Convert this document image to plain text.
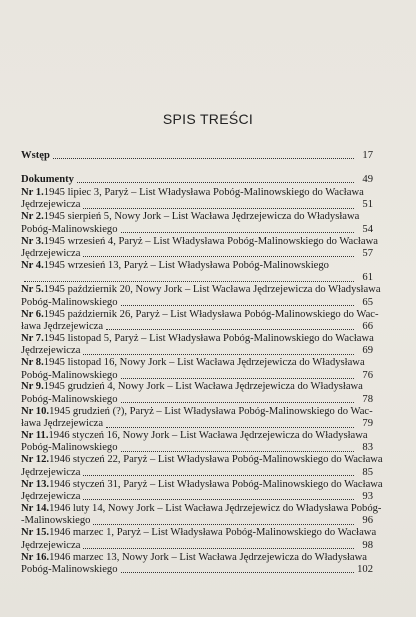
SPIS TREŚCI
Wstęp	17
Dokumenty	49
Nr 1. 1945 lipiec 3, Paryż – List Władysława Pobóg-Malinowskiego do Wacława
Jędrzejewicza	51
Nr 2. 1945 sierpień 5, Nowy Jork – List Wacława Jędrzejewicza do Władysława
Pobóg-Malinowskiego	54
Nr 3. 1945 wrzesień 4, Paryż – List Władysława Pobóg-Malinowskiego do Wacława
Jędrzejewicza	57
Nr 4. 1945 wrzesień 13, Paryż – List Władysława Pobóg-Malinowskiego
61
Nr 5. 1945 październik 20, Nowy Jork – List Wacława Jędrzejewicza do Władysława
Pobóg-Malinowskiego	65
Nr 6. 1945 październik 26, Paryż – List Władysława Pobóg-Malinowskiego do Wac-
ława Jędrzejewicza	66
Nr 7. 1945 listopad 5, Paryż – List Władysława Pobóg-Malinowskiego do Wacława
Jędrzejewicza	69
Nr 8. 1945 listopad 16, Nowy Jork – List Wacława Jędrzejewicza do Władysława
Pobóg-Malinowskiego	76
Nr 9. 1945 grudzień 4, Nowy Jork – List Wacława Jędrzejewicza do Władysława
Pobóg-Malinowskiego	78
Nr 10. 1945 grudzień (?), Paryż – List Władysława Pobóg-Malinowskiego do Wac-
ława Jędrzejewicza	79
Nr 11. 1946 styczeń 16, Nowy Jork – List Wacława Jędrzejewicza do Władysława
Pobóg-Malinowskiego	83
Nr 12. 1946 styczeń 22, Paryż – List Władysława Pobóg-Malinowskiego do Wacława
Jędrzejewicza	85
Nr 13. 1946 styczeń 31, Paryż – List Władysława Pobóg-Malinowskiego do Wacława
Jędrzejewicza	93
Nr 14. 1946 luty 14, Nowy Jork – List Wacława Jędrzejewicz do Władysława Pobóg-
-Malinowskiego	96
Nr 15. 1946 marzec 1, Paryż – List Władysława Pobóg-Malinowskiego do Wacława
Jędrzejewicza	98
Nr 16. 1946 marzec 13, Nowy Jork – List Wacława Jędrzejewicza do Władysława
Pobóg-Malinowskiego	102
